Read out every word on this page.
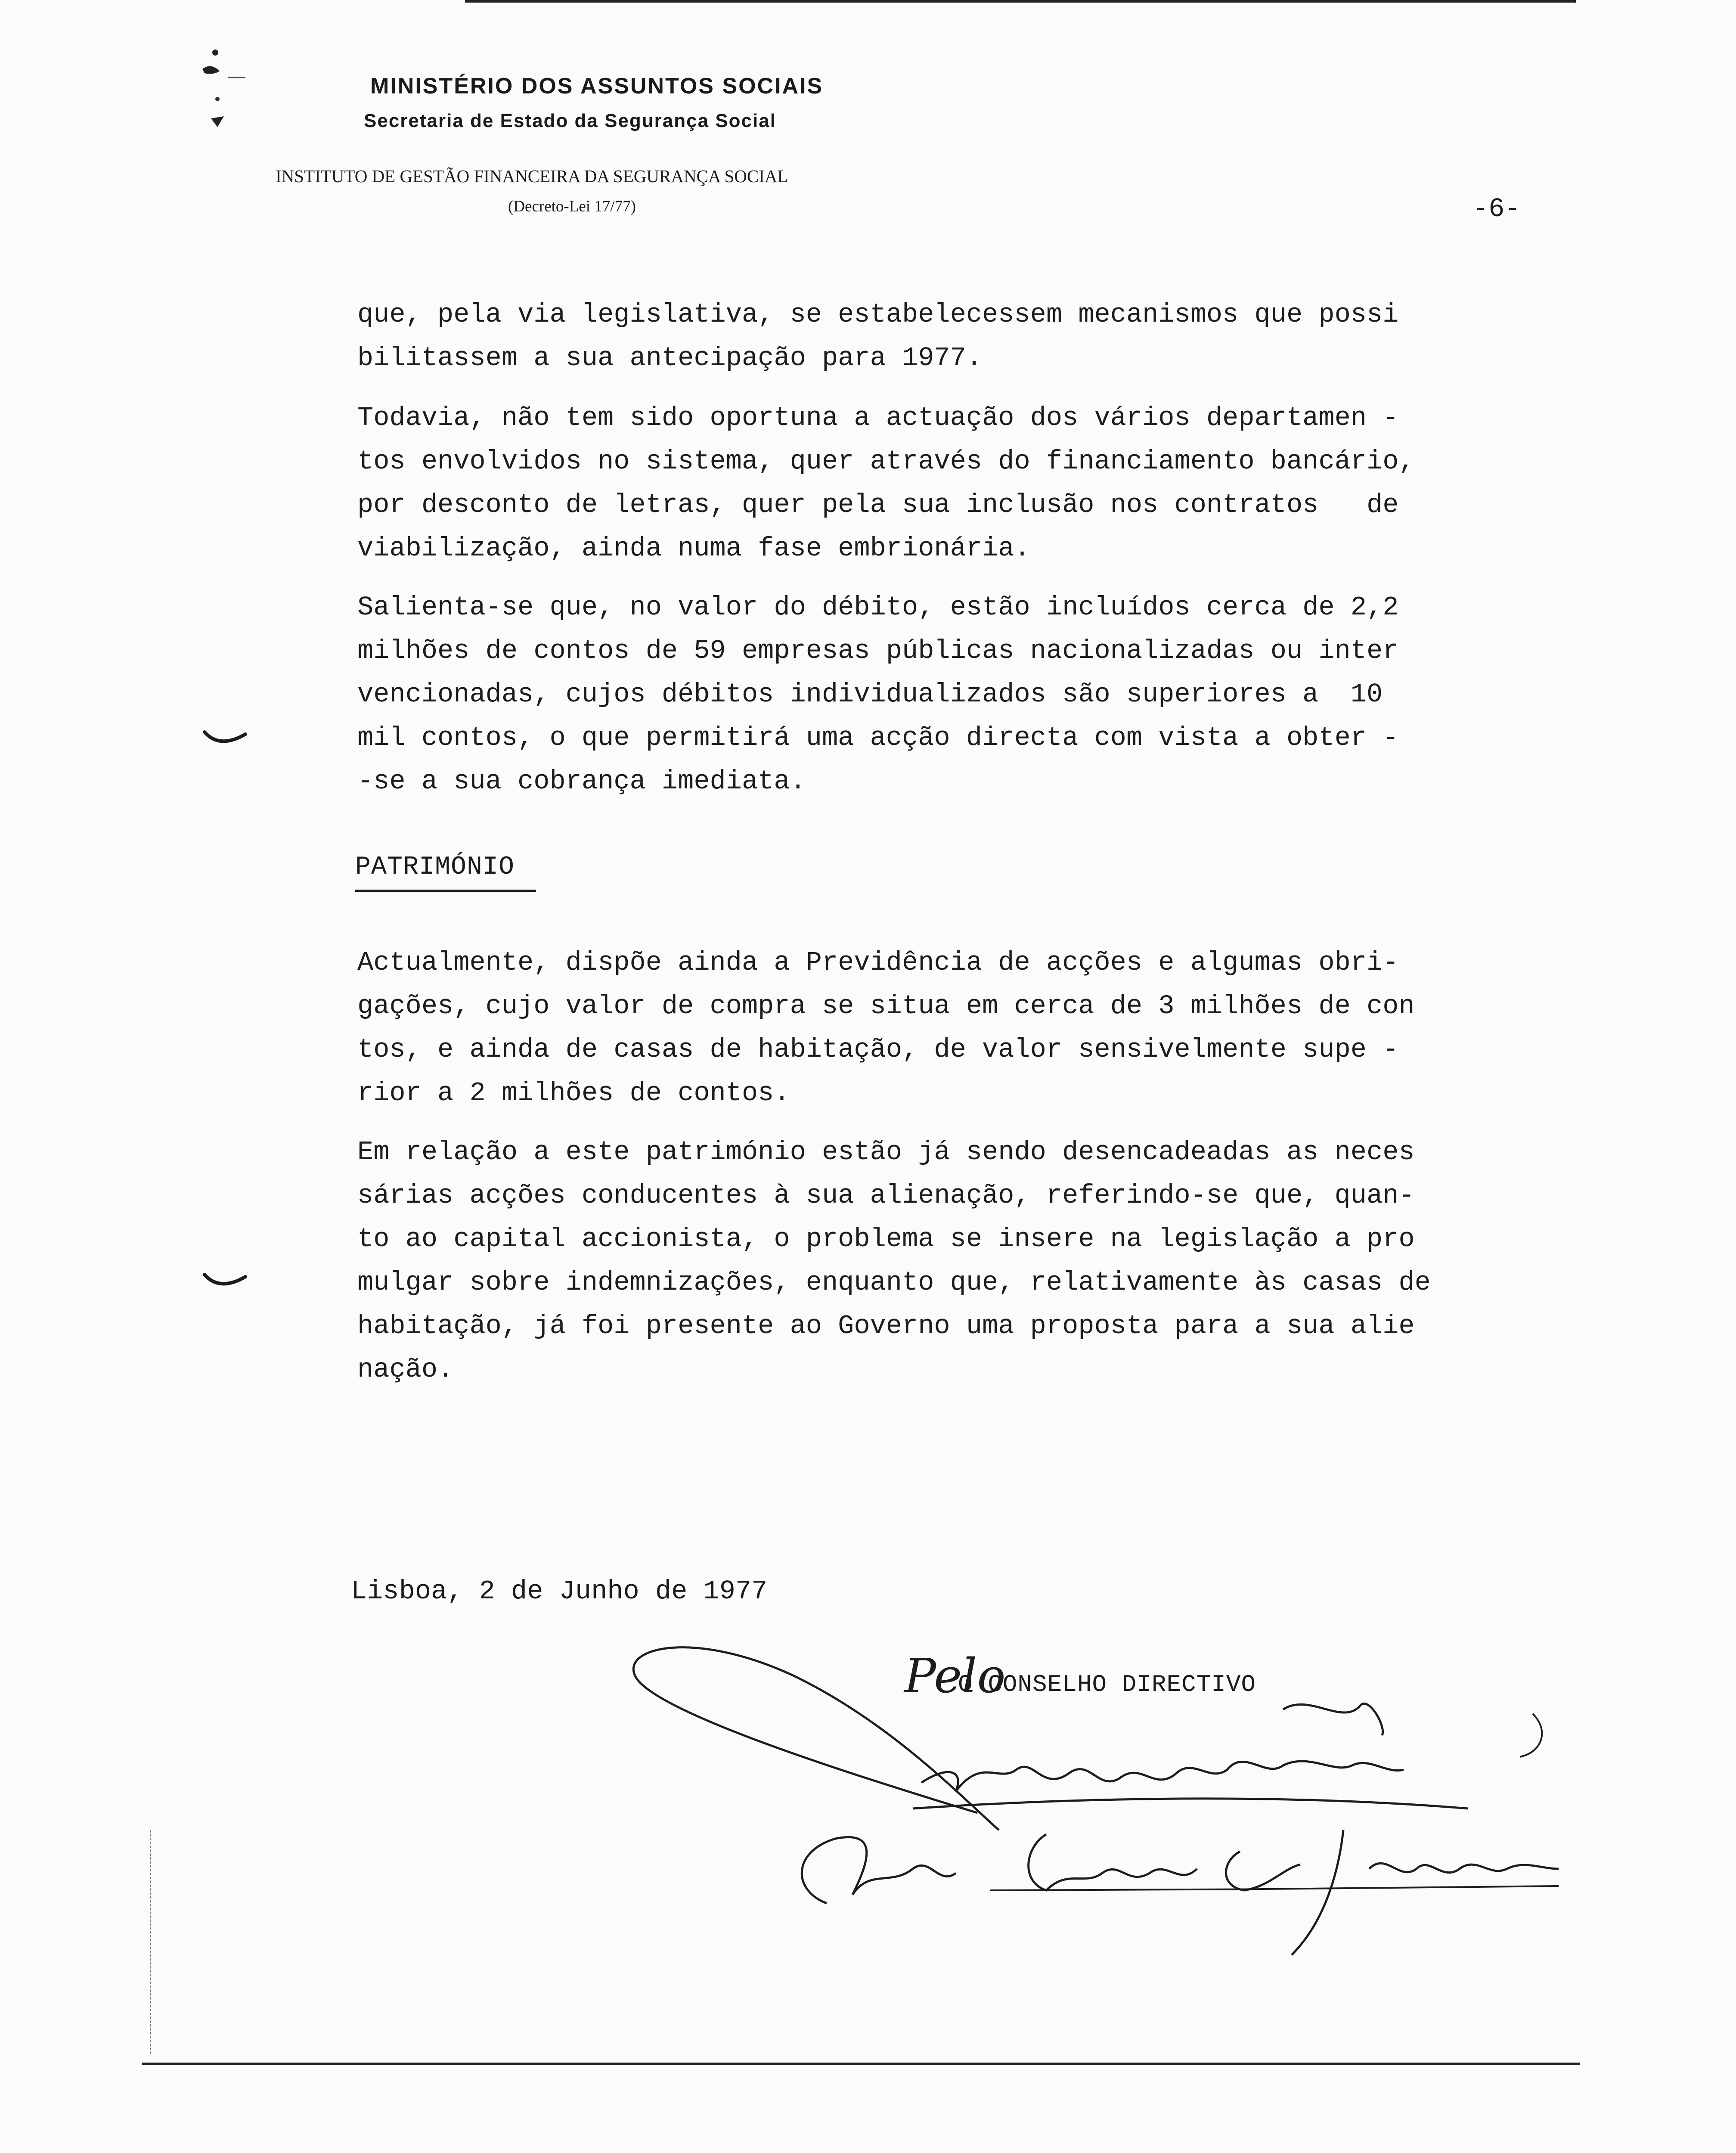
MINISTÉRIO DOS ASSUNTOS SOCIAIS
Secretaria de Estado da Segurança Social
INSTITUTO DE GESTÃO FINANCEIRA DA SEGURANÇA SOCIAL
(Decreto-Lei 17/77)	-6-
que, pela via legislativa, se estabelecessem mecanismos que possi
bilitassem a sua antecipação para 1977.
Todavia, não tem sido oportuna a actuação dos vários departamen -
tos envolvidos no sistema, quer através do financiamento bancário,
por desconto de letras, quer pela sua inclusão nos contratos   de
viabilização, ainda numa fase embrionária.
Salienta-se que, no valor do débito, estão incluídos cerca de 2,2
milhões de contos de 59 empresas públicas nacionalizadas ou inter
vencionadas, cujos débitos individualizados são superiores a  10
mil contos, o que permitirá uma acção directa com vista a obter -
-se a sua cobrança imediata.
PATRIMÓNIO
Actualmente, dispõe ainda a Previdência de acções e algumas obri-
gações, cujo valor de compra se situa em cerca de 3 milhões de con
tos, e ainda de casas de habitação, de valor sensivelmente supe -
rior a 2 milhões de contos.
Em relação a este património estão já sendo desencadeadas as neces
sárias acções conducentes à sua alienação, referindo-se que, quan-
to ao capital accionista, o problema se insere na legislação a pro
mulgar sobre indemnizações, enquanto que, relativamente às casas de
habitação, já foi presente ao Governo uma proposta para a sua alie
nação.
Lisboa, 2 de Junho de 1977
Pelo
O CONSELHO DIRECTIVO
